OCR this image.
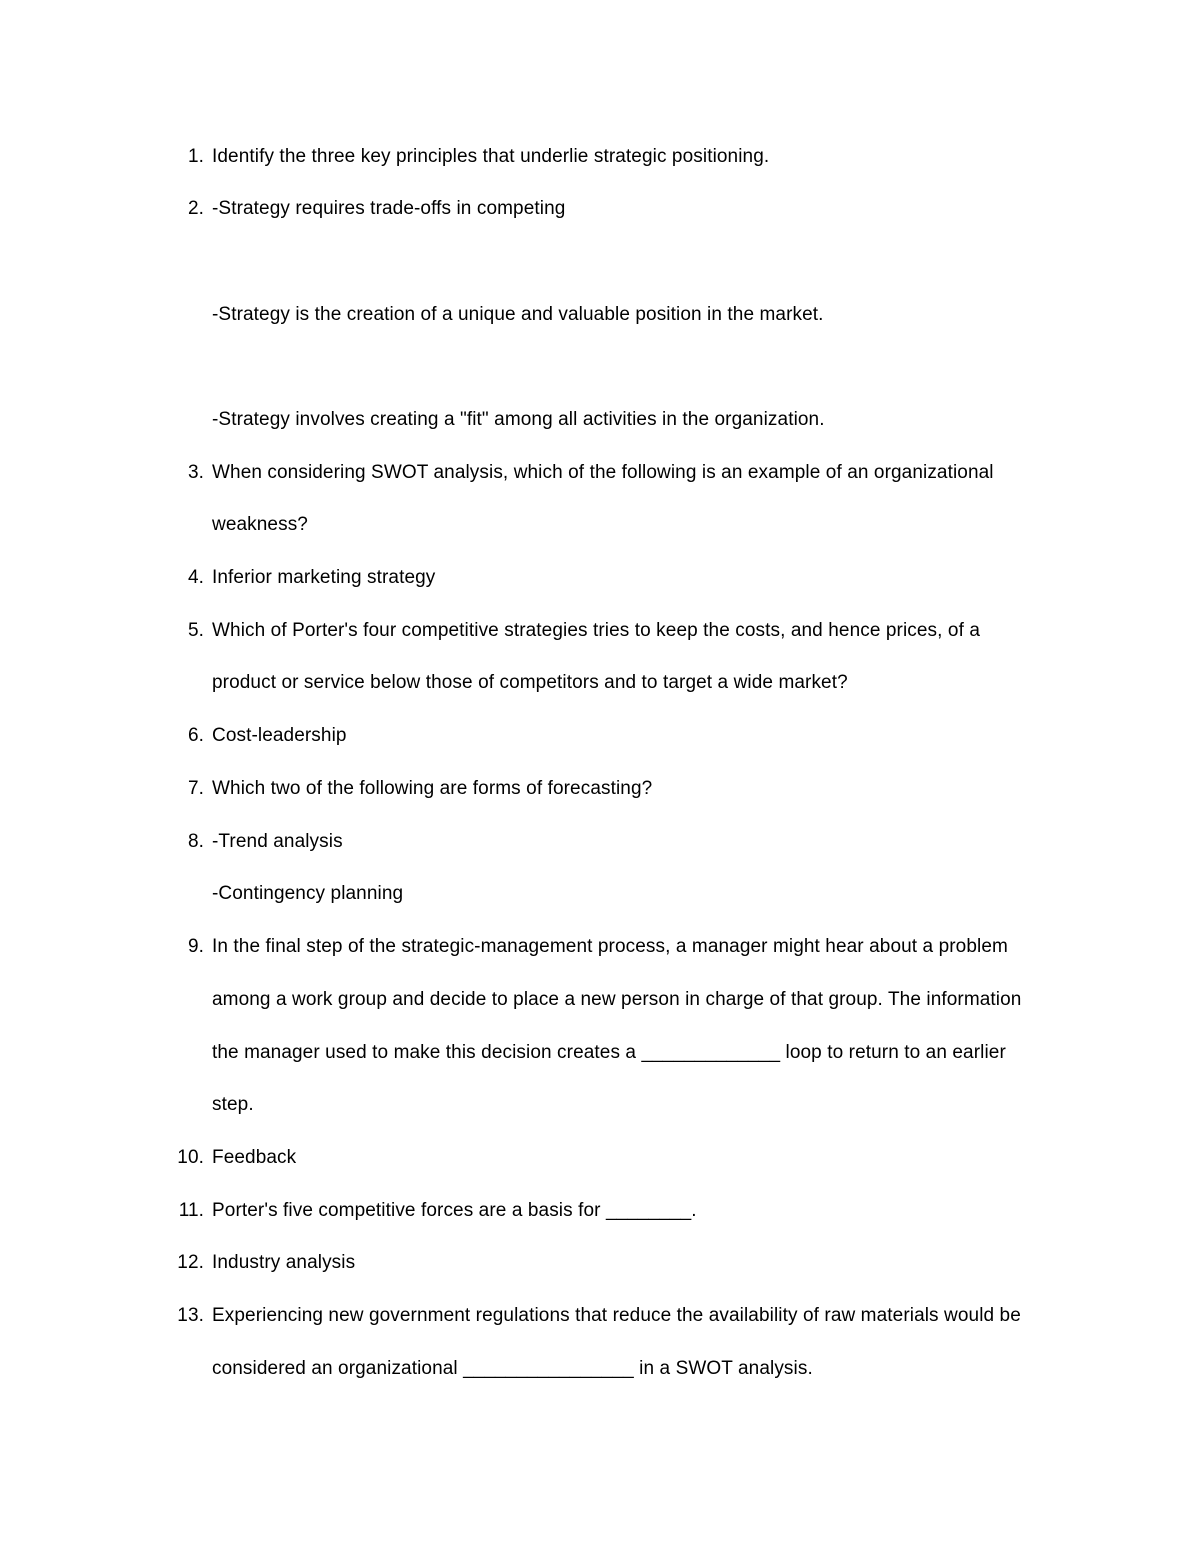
1. Identify the three key principles that underlie strategic positioning.
2. -Strategy requires trade-offs in competing
-Strategy is the creation of a unique and valuable position in the market.
-Strategy involves creating a "fit" among all activities in the organization.
3. When considering SWOT analysis, which of the following is an example of an organizational
weakness?
4. Inferior marketing strategy
5. Which of Porter's four competitive strategies tries to keep the costs, and hence prices, of a
product or service below those of competitors and to target a wide market?
6. Cost-leadership
7. Which two of the following are forms of forecasting?
8. -Trend analysis
-Contingency planning
9. In the final step of the strategic-management process, a manager might hear about a problem
among a work group and decide to place a new person in charge of that group. The information
the manager used to make this decision creates a _____________ loop to return to an earlier
step.
10. Feedback
11. Porter's five competitive forces are a basis for ________.
12. Industry analysis
13. Experiencing new government regulations that reduce the availability of raw materials would be
considered an organizational ________________ in a SWOT analysis.
